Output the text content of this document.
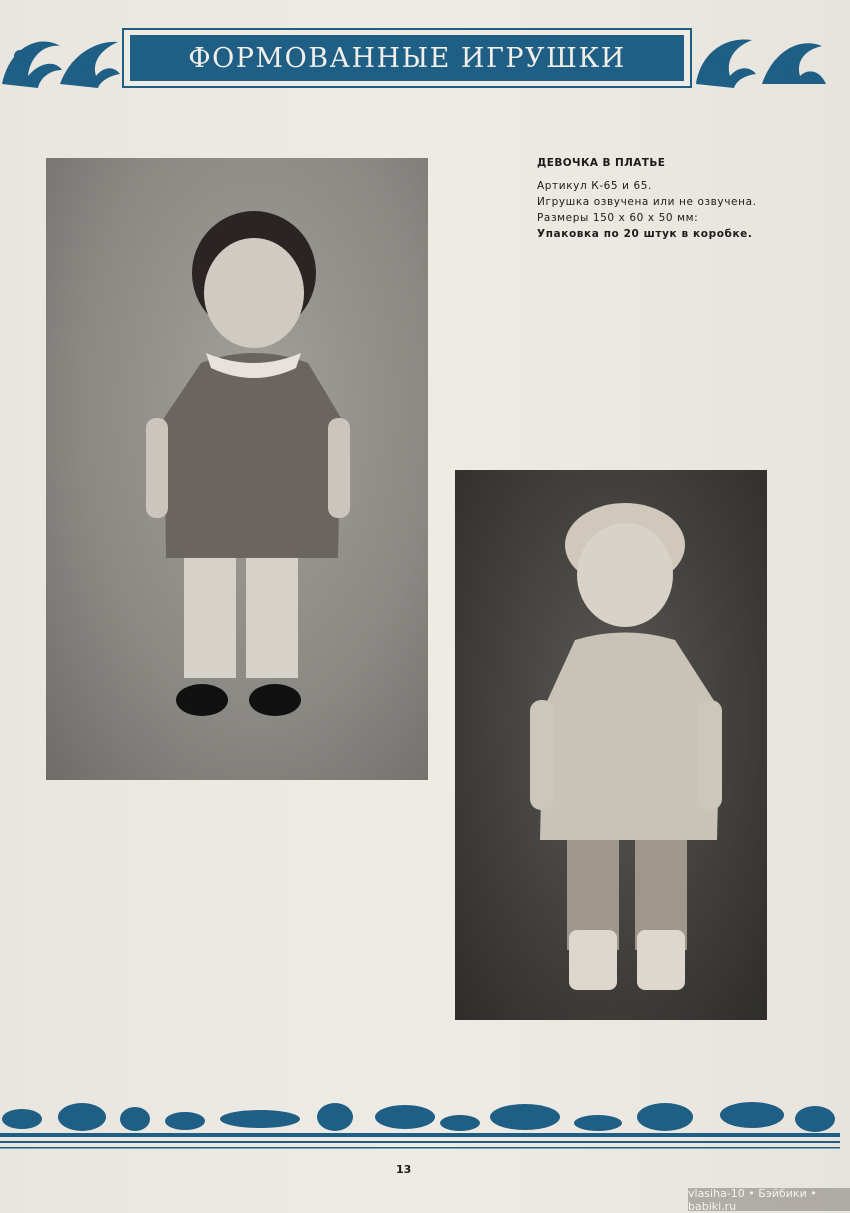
ФОРМОВАННЫЕ ИГРУШКИ
ДЕВОЧКА В ПЛАТЬЕ
Артикул К-65 и 65.
Игрушка озвучена или не озвучена.
Размеры 150 х 60 х 50 мм:
Упаковка по 20 штук в коробке.
13
vlasiha-10 • Бэйбики • babiki.ru
